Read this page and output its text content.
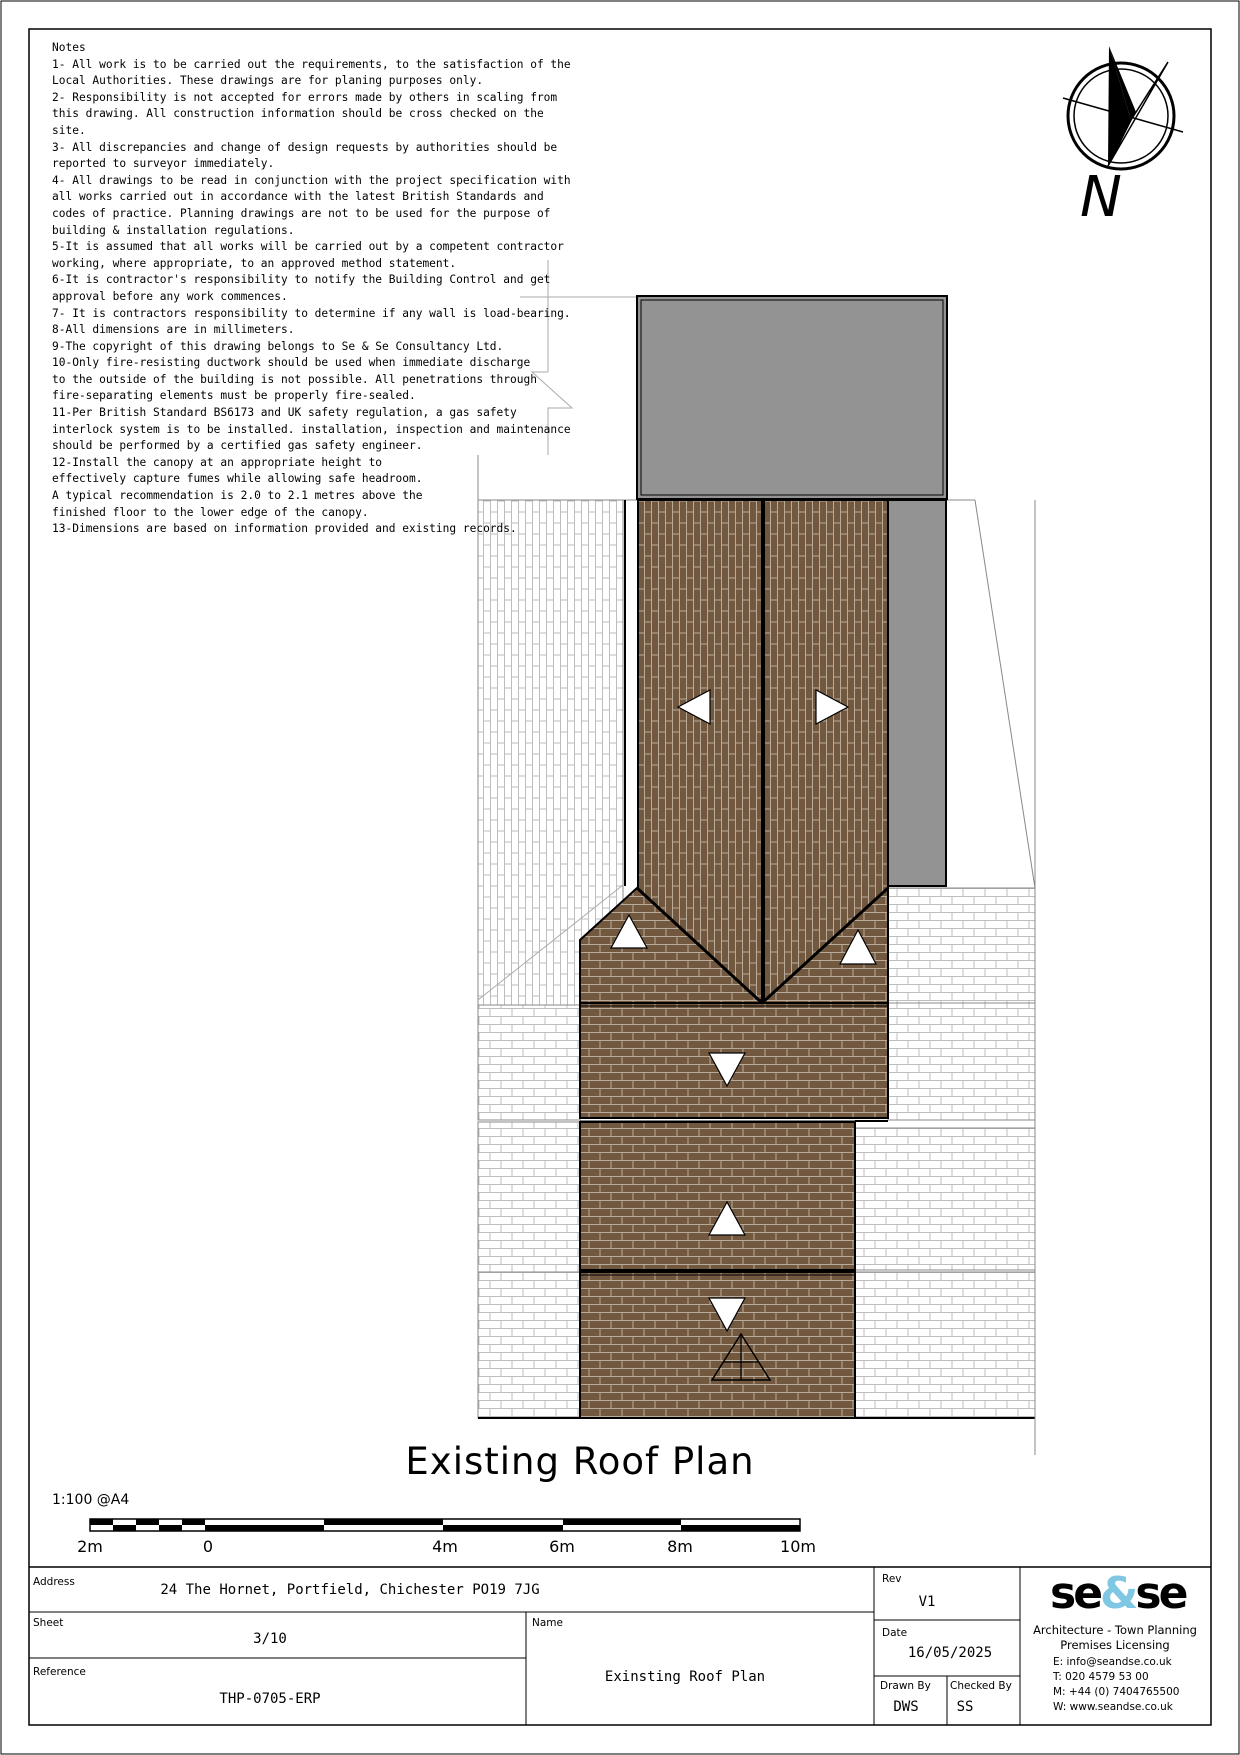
N
Notes
1- All work is to be carried out the requirements, to the satisfaction of the
Local Authorities. These drawings are for planing purposes only.
2- Responsibility is not accepted for errors made by others in scaling from
this drawing. All construction information should be cross checked on the site.
3- All discrepancies and change of design requests by authorities should be
reported to surveyor immediately.
4- All drawings to be read in conjunction with the project specification with
all works carried out in accordance with the latest British Standards and
codes of practice. Planning drawings are not to be used for the purpose of
building & installation regulations.
5-It is assumed that all works will be carried out by a competent contractor
working, where appropriate, to an approved method statement.
6-It is contractor's responsibility to notify the Building Control and get
approval before any work commences.
7- It is contractors responsibility to determine if any wall is load-bearing.
8-All dimensions are in millimeters.
9-The copyright of this drawing belongs to Se & Se Consultancy Ltd.
10-Only fire-resisting ductwork should be used when immediate discharge
to the outside of the building is not possible. All penetrations through
fire-separating elements must be properly fire-sealed.
11-Per British Standard BS6173 and UK safety regulation, a gas safety
interlock system is to be installed. installation, inspection and maintenance
should be performed by a certified gas safety engineer.
12-Install the canopy at an appropriate height to
effectively capture fumes while allowing safe headroom.
A typical recommendation is 2.0 to 2.1 metres above the
finished floor to the lower edge of the canopy.
13-Dimensions are based on information provided and existing records.
Existing Roof Plan
1:100 @A4
2m	0	4m	6m	8m	10m
Address	24 The Hornet, Portfield, Chichester PO19 7JG
Sheet
3/10
Reference
THP-0705-ERP
Name
Exinsting Roof Plan
Rev
V1
Date
16/05/2025
Drawn By
DWS
Checked By
SS
se&se
Architecture - Town Planning
Premises Licensing
E: info@seandse.co.uk
T: 020 4579 53 00
M: +44 (0) 7404765500
W: www.seandse.co.uk
